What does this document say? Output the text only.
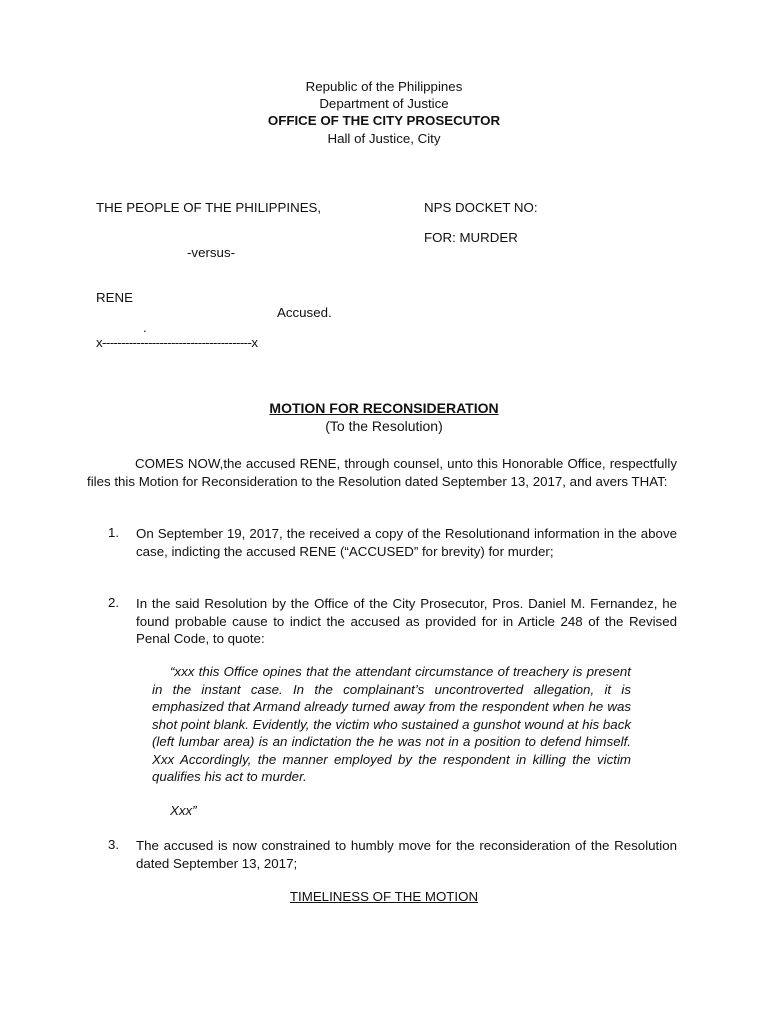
Republic of the Philippines
Department of Justice
OFFICE OF THE CITY PROSECUTOR
Hall of Justice, City
THE PEOPLE OF THE PHILIPPINES,	NPS DOCKET NO:
FOR: MURDER
-versus-
RENE
Accused.
.
x---------------------------------------x
MOTION FOR RECONSIDERATION
(To the Resolution)
COMES NOW,the accused RENE, through counsel, unto this Honorable Office, respectfully files this Motion for Reconsideration to the Resolution dated September 13, 2017, and avers THAT:
1. On September 19, 2017, the received a copy of the Resolutionand information in the above case, indicting the accused RENE (“ACCUSED” for brevity) for murder;
2. In the said Resolution by the Office of the City Prosecutor, Pros. Daniel M. Fernandez, he found probable cause to indict the accused as provided for in Article 248 of the Revised Penal Code, to quote:
“xxx this Office opines that the attendant circumstance of treachery is present in the instant case. In the complainant’s uncontroverted allegation, it is emphasized that Armand already turned away from the respondent when he was shot point blank. Evidently, the victim who sustained a gunshot wound at his back (left lumbar area) is an indictation the he was not in a position to defend himself. Xxx Accordingly, the manner employed by the respondent in killing the victim qualifies his act to murder.
Xxx”
3. The accused is now constrained to humbly move for the reconsideration of the Resolution dated September 13, 2017;
TIMELINESS OF THE MOTION
